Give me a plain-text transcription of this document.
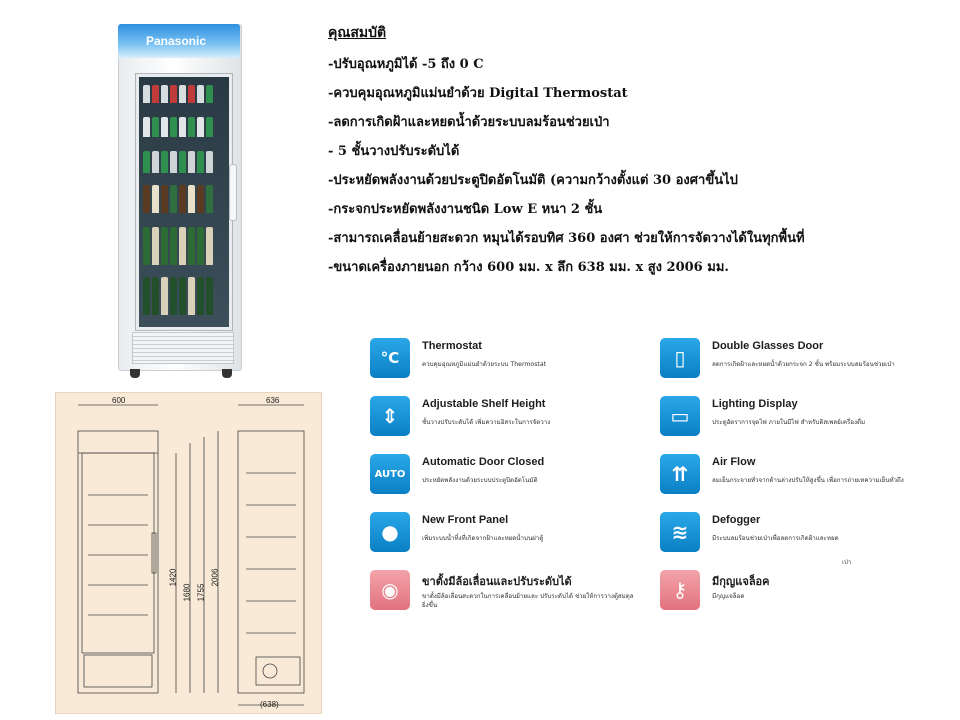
Panasonic	คุณสมบัติ
-ปรับอุณหภูมิได้ -5 ถึง 0 C
-ควบคุมอุณหภูมิแม่นยำด้วย Digital Thermostat
-ลดการเกิดฝ้าและหยดน้ำด้วยระบบลมร้อนช่วยเป่า
- 5 ชั้นวางปรับระดับได้
-ประหยัดพลังงานด้วยประตูปิดอัตโนมัติ (ความกว้างตั้งแต่ 30 องศาขึ้นไป
-กระจกประหยัดพลังงานชนิด Low E หนา 2 ชั้น
-สามารถเคลื่อนย้ายสะดวก หมุนได้รอบทิศ 360 องศา ช่วยให้การจัดวางได้ในทุกพื้นที่
-ขนาดเครื่องภายนอก กว้าง 600 มม. x ลึก 638 มม. x สูง 2006 มม.
600	636
(638)
1420
1680 1755
2006
°C
Thermostat
ควบคุมอุณหภูมิแม่นยำด้วยระบบ Thermostat	▯	Double Glasses Door
ลดการเกิดฝ้าและหยดน้ำด้วยกระจก 2 ชั้น พร้อมระบบลมร้อนช่วยเป่า
⇕	Adjustable Shelf Height
ชั้นวางปรับระดับได้ เพิ่มความอิสระในการจัดวาง	▭	Lighting Display
ประตูอัตราการจุดไฟ ภายในมีไฟ สำหรับดิสเพลย์เครื่องดื่ม
AUTO
Automatic Door Closed
ประหยัดพลังงานด้วยระบบประตูปิดอัตโนมัติ	⇈	Air Flow
ลมเย็นกระจายทั่วจากด้านล่างปรับให้สูงขึ้น เพื่อการถ่ายเทความเย็นทั่วถึง
●	New Front Panel
เพิ่มระบบน้ำทิ้งที่เกิดจากฝ้าและหยดน้ำบนฝาตู้	≋	Defogger
มีระบบลมร้อนช่วยเป่าเพื่อลดการเกิดฝ้าและหยด
◉	ขาตั้งมีล้อเลื่อนและปรับระดับได้
ขาตั้งมีล้อเลื่อนสะดวกในการเคลื่อนย้ายและ ปรับระดับได้ ช่วยให้การวางตู้สมดุลยิ่งขึ้น
⚷	มีกุญแจล็อค
มีกุญแจล็อค
เป่า
